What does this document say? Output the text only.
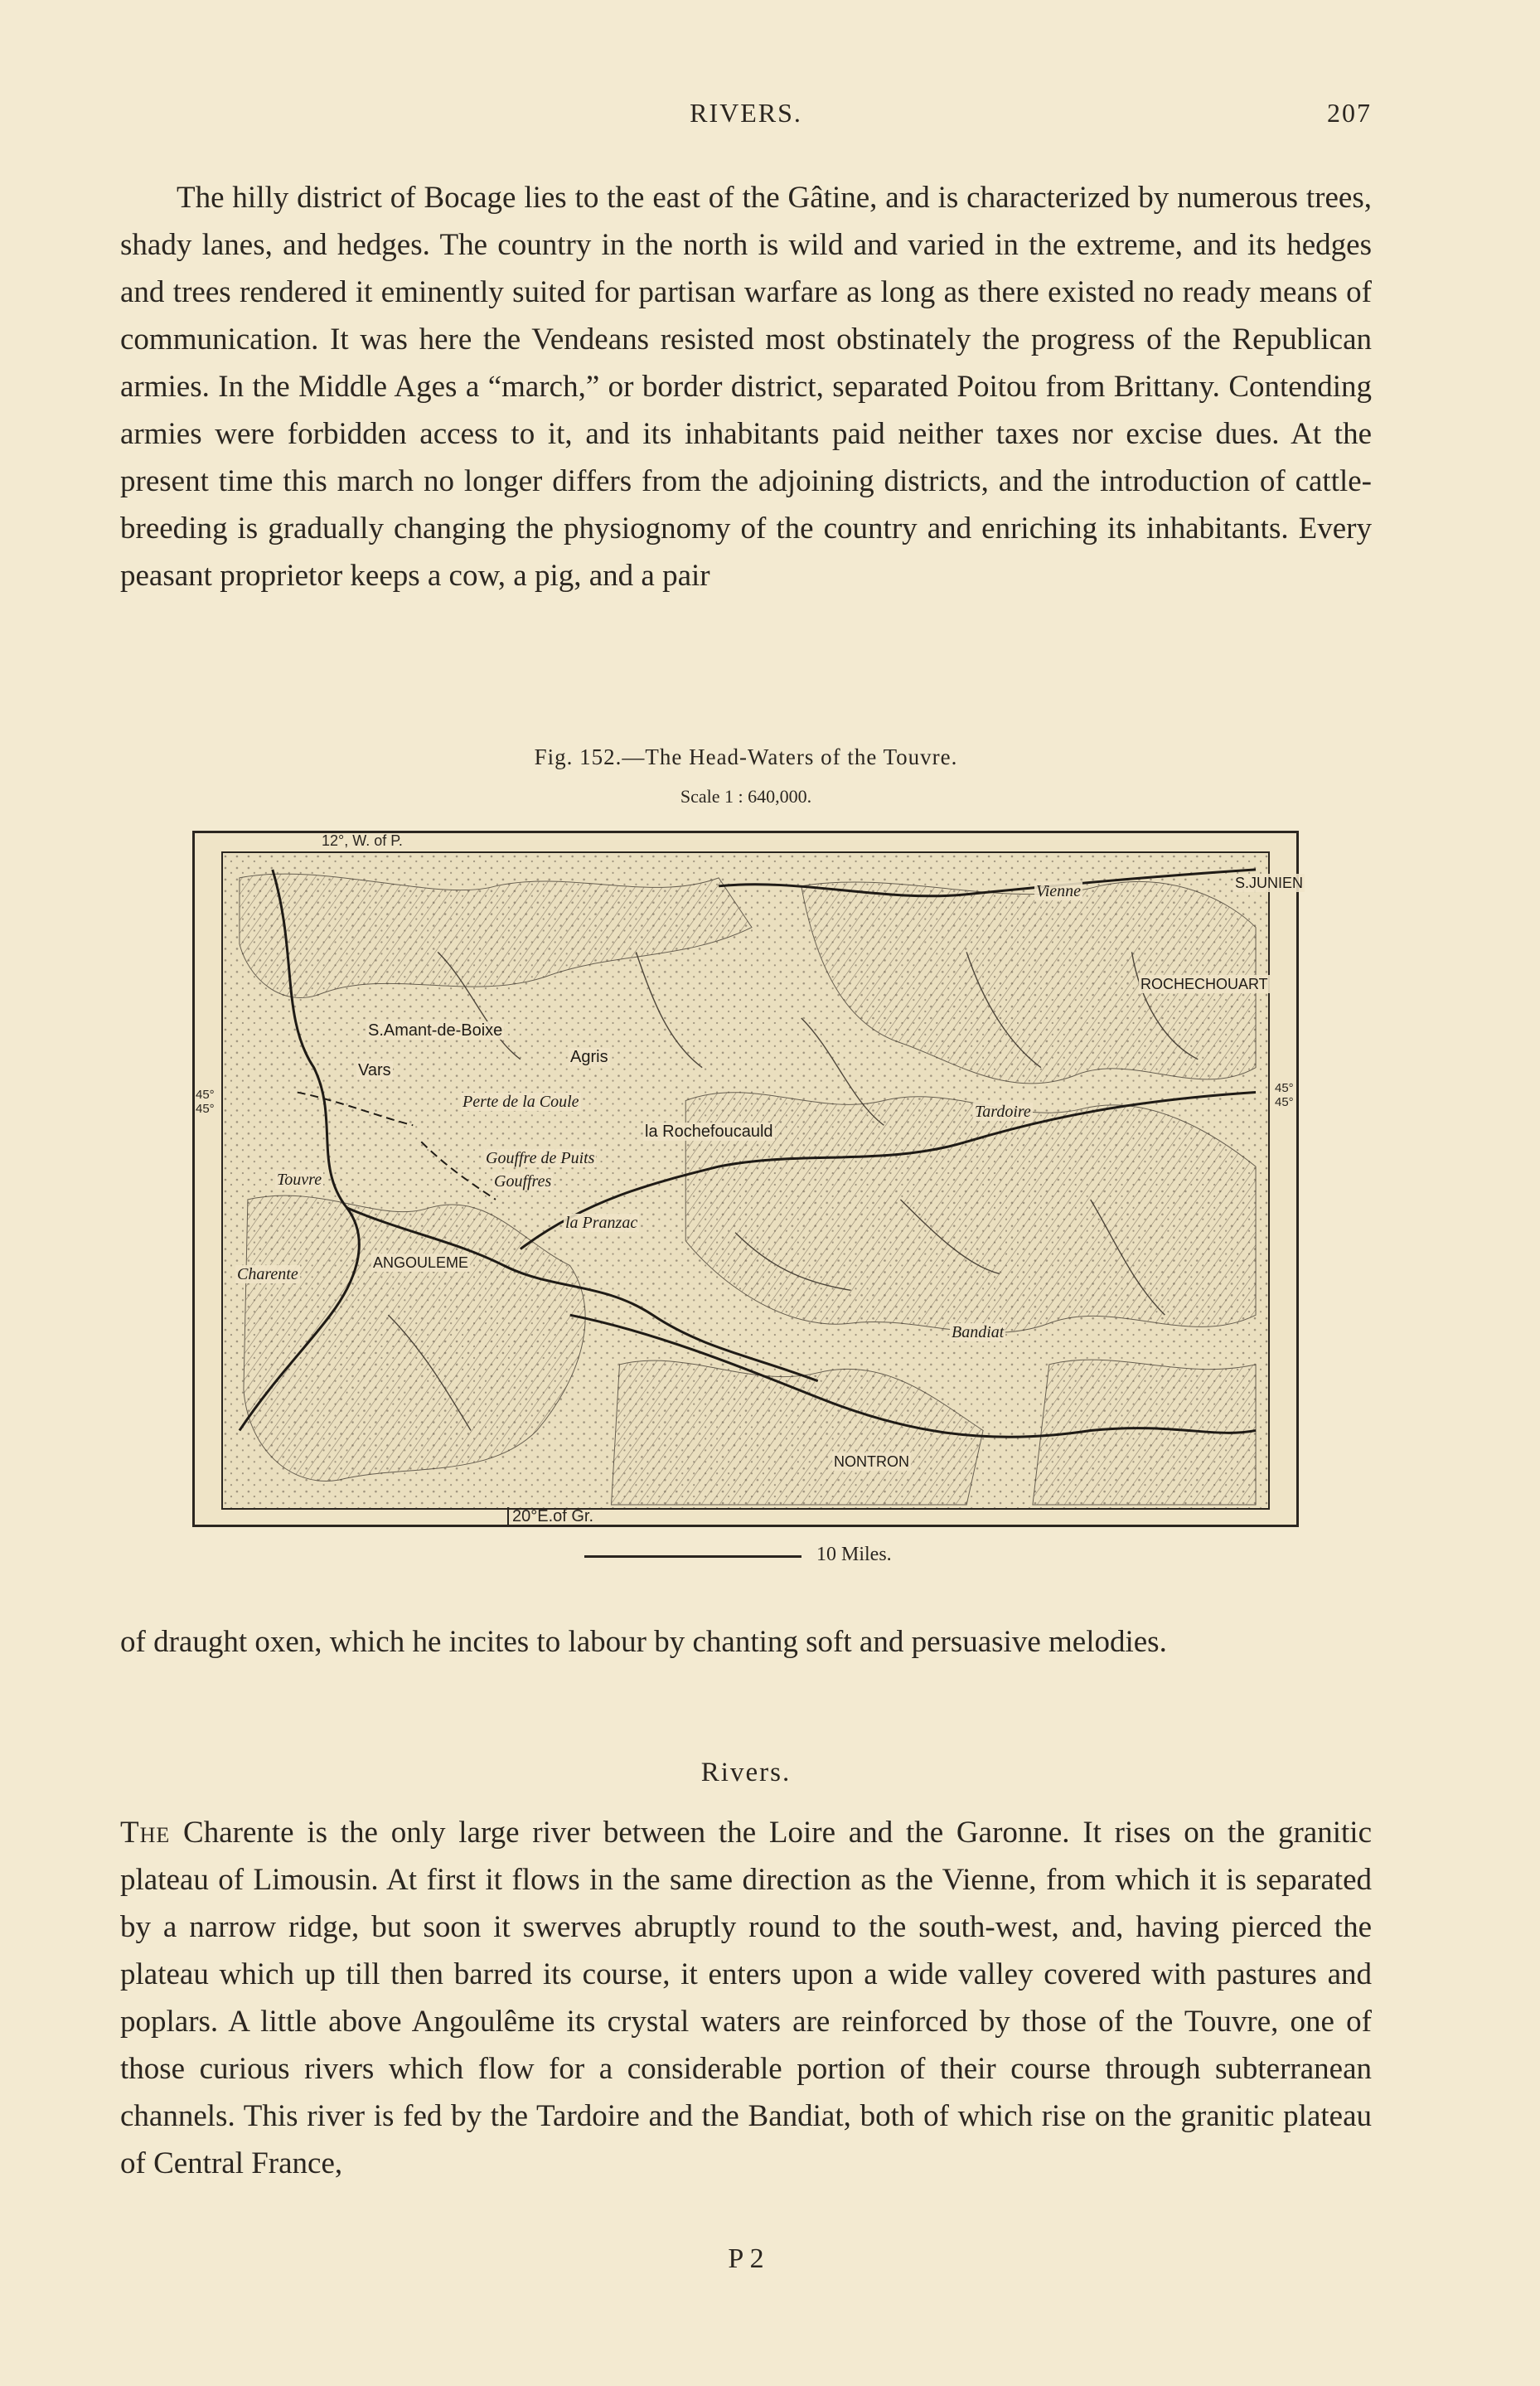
RIVERS.	207

The hilly district of Bocage lies to the east of the Gâtine, and is characterized by numerous trees, shady lanes, and hedges. The country in the north is wild and varied in the extreme, and its hedges and trees rendered it eminently suited for partisan warfare as long as there existed no ready means of communication. It was here the Vendeans resisted most obstinately the progress of the Republican armies. In the Middle Ages a “march,” or border district, separated Poitou from Brittany. Contending armies were forbidden access to it, and its inhabitants paid neither taxes nor excise dues. At the present time this march no longer differs from the adjoining districts, and the introduction of cattle-breeding is gradually changing the physiognomy of the country and enriching its inhabitants. Every peasant proprietor keeps a cow, a pig, and a pair

Fig. 152.—The Head-Waters of the Touvre.
Scale 1 : 640,000.
12°, W. of P.
20°E.of Gr.
45°
45°
45°
45°
S.JUNIEN
ROCHECHOUART
S.Amant-de-Boixe
Vars
Agris
Perte de la Coule
la Rochefoucauld
Gouffre de Puits
Gouffres
la Pranzac
ANGOULEME
NONTRON
Charente
Tardoire
Bandiat
Vienne
Touvre
10 Miles.

of draught oxen, which he incites to labour by chanting soft and persuasive melodies.

Rivers.

The Charente is the only large river between the Loire and the Garonne. It rises on the granitic plateau of Limousin. At first it flows in the same direction as the Vienne, from which it is separated by a narrow ridge, but soon it swerves abruptly round to the south-west, and, having pierced the plateau which up till then barred its course, it enters upon a wide valley covered with pastures and poplars. A little above Angoulême its crystal waters are reinforced by those of the Touvre, one of those curious rivers which flow for a considerable portion of their course through subterranean channels. This river is fed by the Tardoire and the Bandiat, both of which rise on the granitic plateau of Central France,

P 2
